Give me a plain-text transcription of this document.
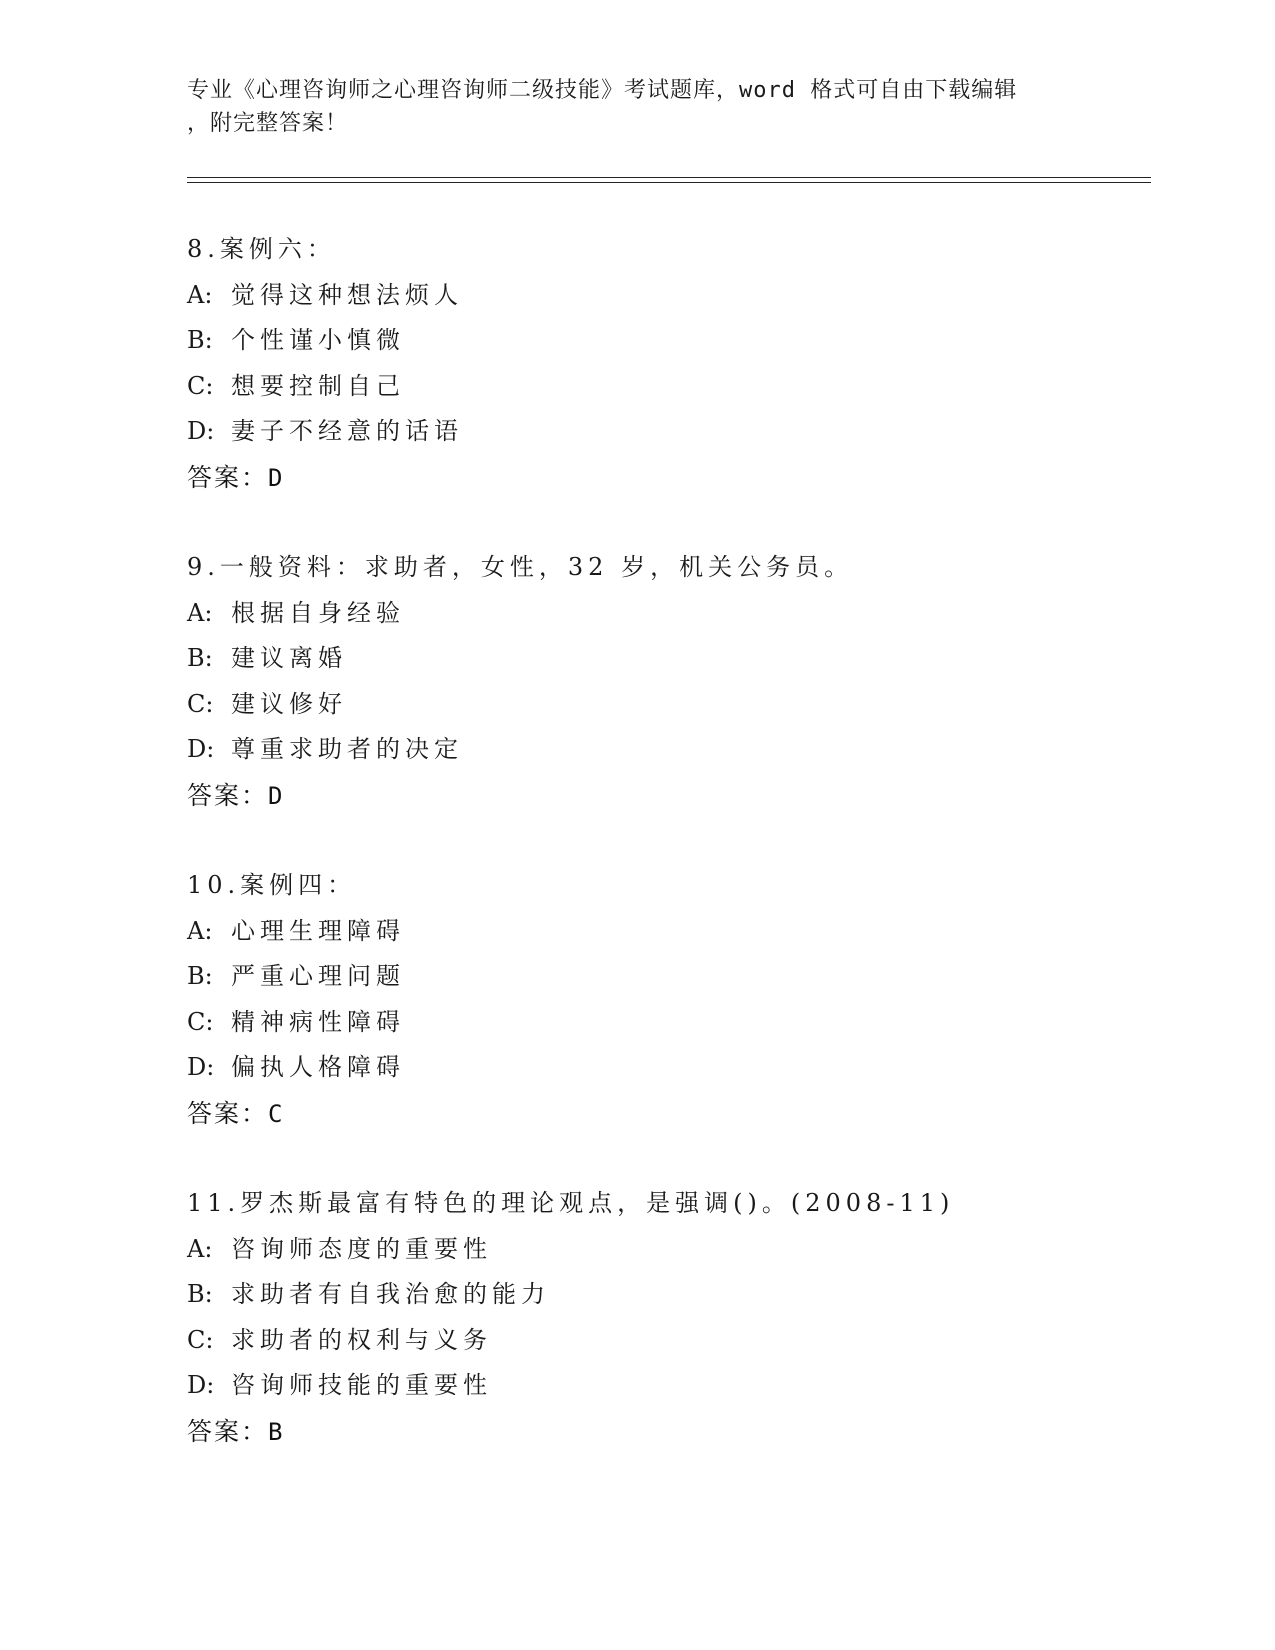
专业《心理咨询师之心理咨询师二级技能》考试题库，word 格式可自由下载编辑
，附完整答案！
8.案例六：
A: 觉得这种想法烦人
B: 个性谨小慎微
C: 想要控制自己
D: 妻子不经意的话语
答案：D
9.一般资料：求助者，女性，32 岁，机关公务员。
A: 根据自身经验
B: 建议离婚
C: 建议修好
D: 尊重求助者的决定
答案：D
10.案例四：
A: 心理生理障碍
B: 严重心理问题
C: 精神病性障碍
D: 偏执人格障碍
答案：C
11.罗杰斯最富有特色的理论观点，是强调()。(2008-11)
A: 咨询师态度的重要性
B: 求助者有自我治愈的能力
C: 求助者的权利与义务
D: 咨询师技能的重要性
答案：B
